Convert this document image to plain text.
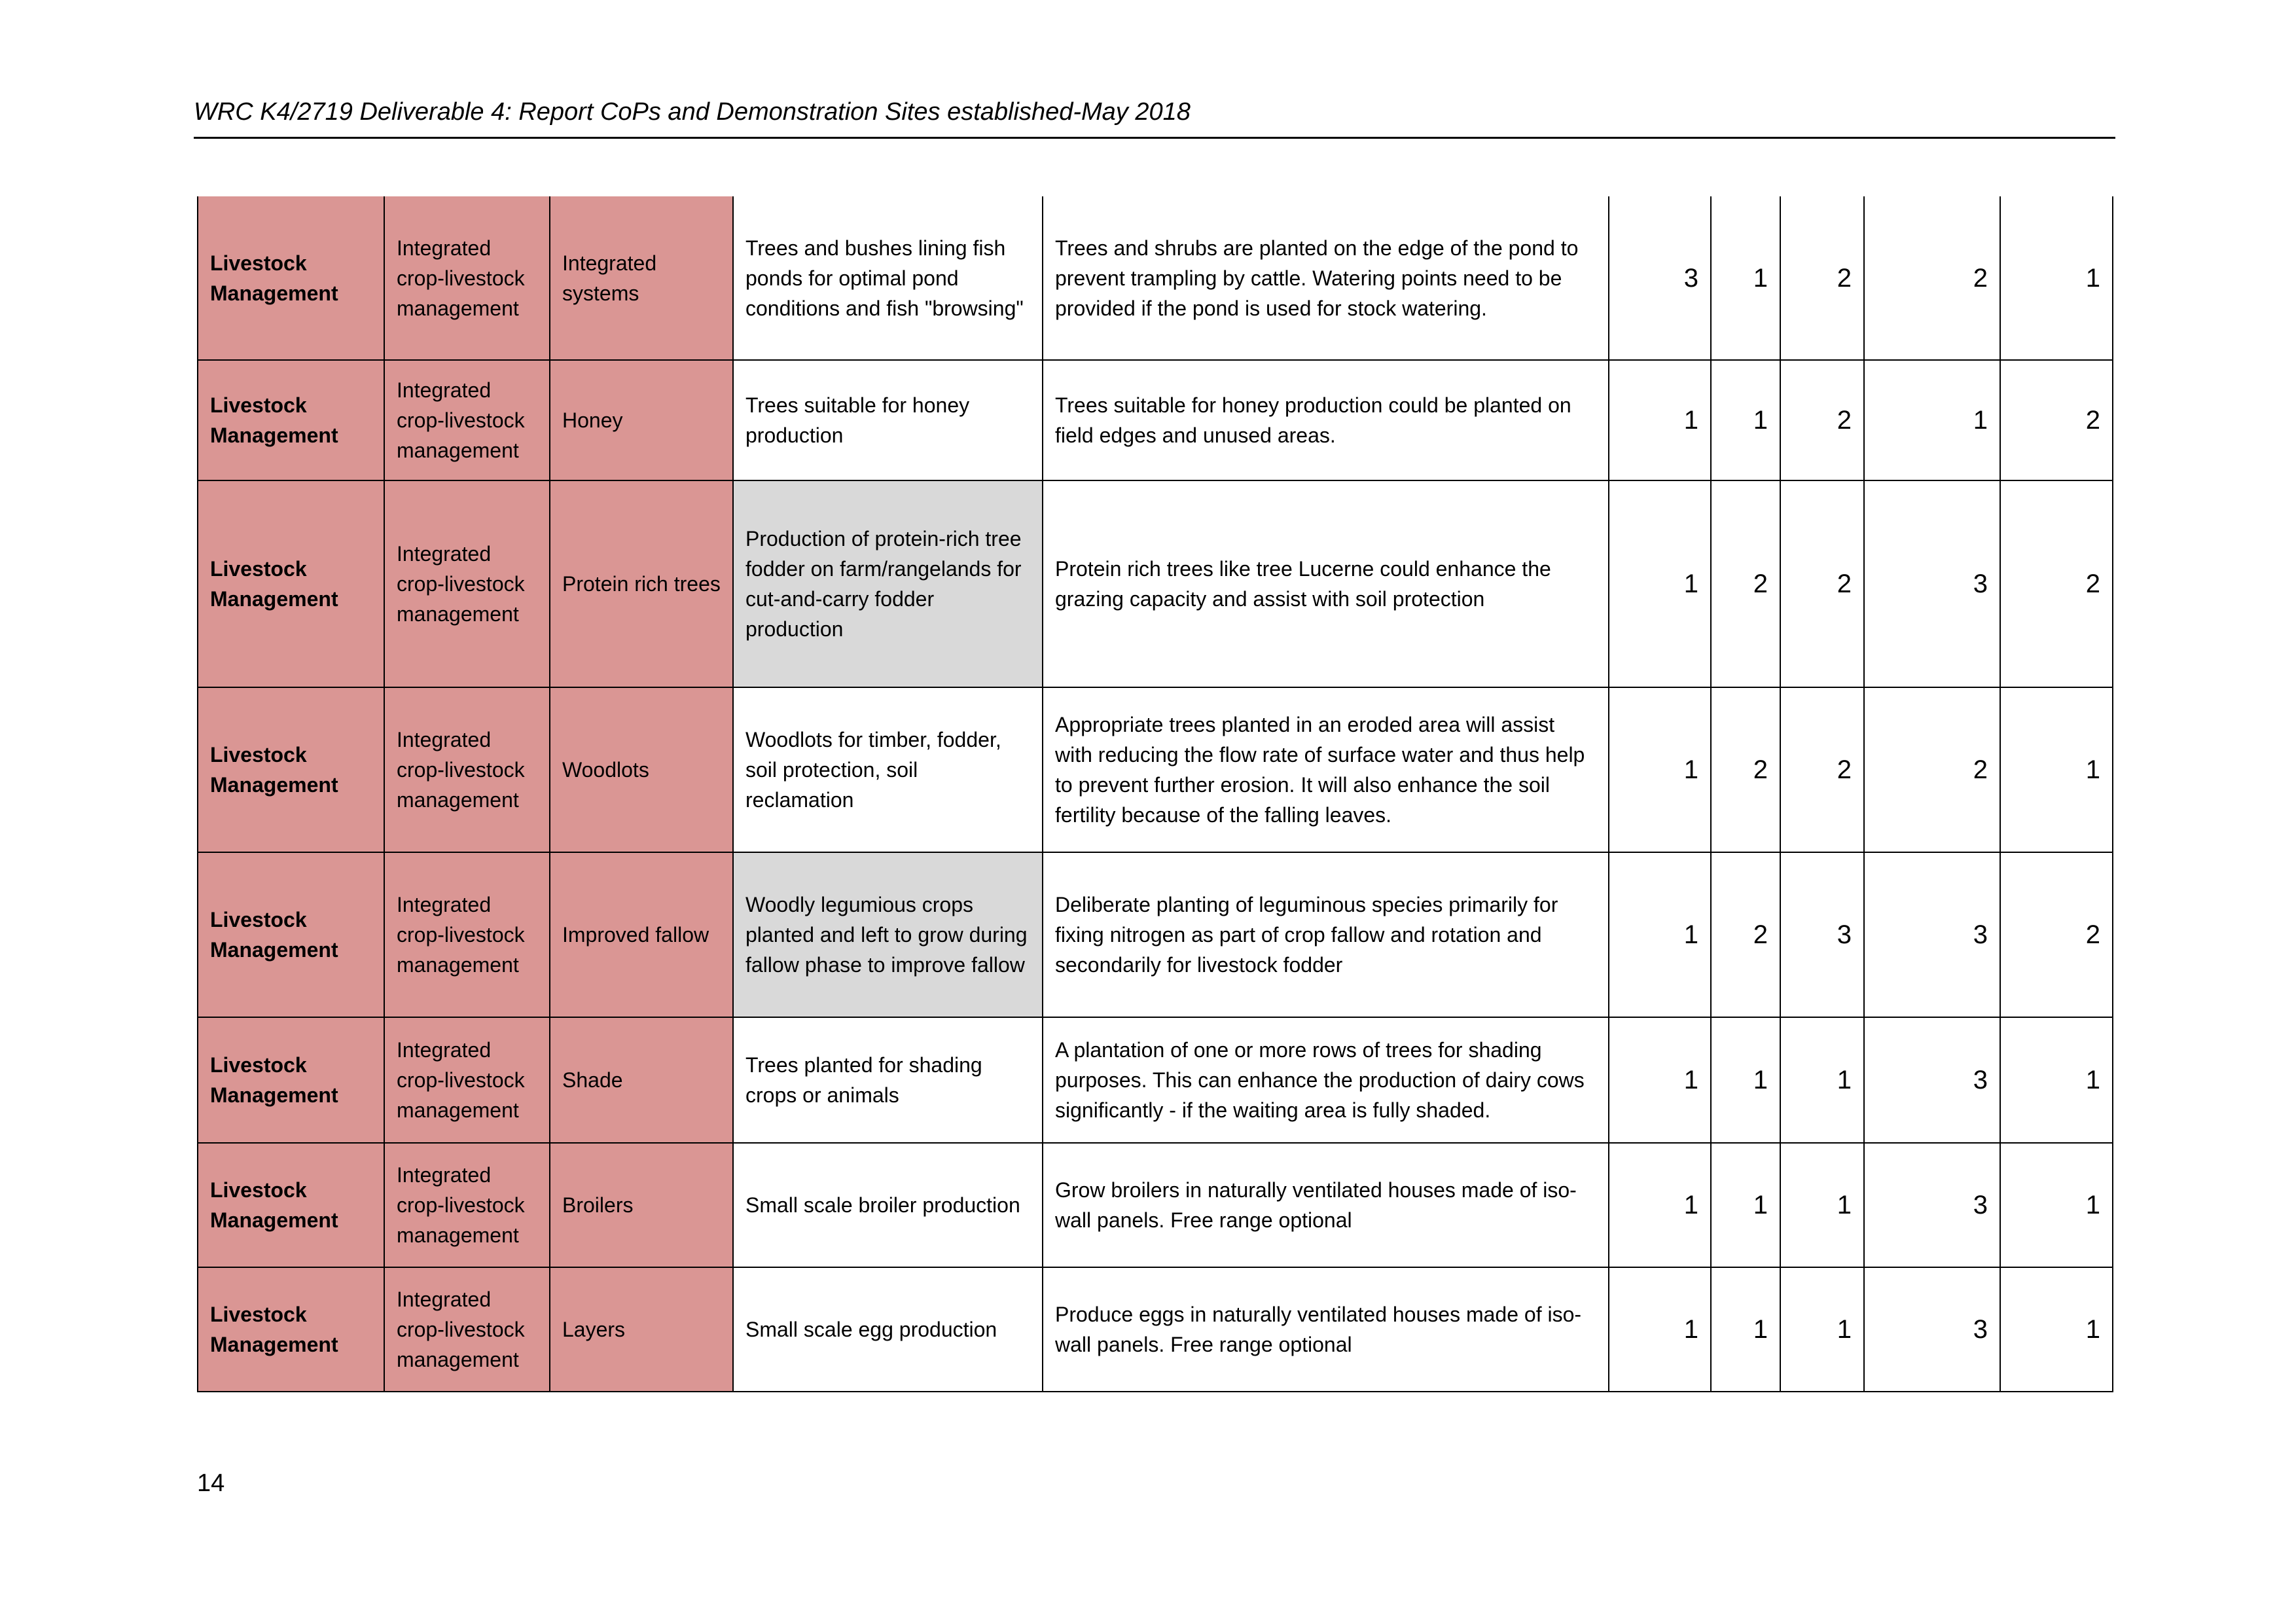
WRC K4/2719 Deliverable 4: Report CoPs and Demonstration Sites established-May 2018
Livestock Management	Integrated crop-livestock management	Integrated systems	Trees and bushes lining fish ponds for optimal pond conditions and fish "browsing"	Trees and shrubs are planted on the edge of the pond to prevent trampling by cattle. Watering points need to be provided if the pond is used for stock watering.	3	1	2	2	1
Livestock Management	Integrated crop-livestock management	Honey	Trees suitable for honey production	Trees suitable for honey production could be planted on field edges and unused areas.	1	1	2	1	2
Livestock Management	Integrated crop-livestock management	Protein rich trees	Production of protein-rich tree fodder on farm/rangelands for cut-and-carry fodder production	Protein rich trees like tree Lucerne could enhance the grazing capacity and assist with soil protection	1	2	2	3	2
Livestock Management	Integrated crop-livestock management	Woodlots	Woodlots for timber, fodder, soil protection, soil reclamation	Appropriate trees planted in an eroded area will assist with reducing the flow rate of surface water and thus help to prevent further erosion. It will also enhance the soil fertility because of the falling leaves.	1	2	2	2	1
Livestock Management	Integrated crop-livestock management	Improved fallow	Woodly legumious crops planted and left to grow during fallow phase to improve fallow	Deliberate planting of leguminous species primarily for fixing nitrogen as part of crop fallow and rotation and secondarily for livestock fodder	1	2	3	3	2
Livestock Management	Integrated crop-livestock management	Shade	Trees planted for shading crops or animals	A plantation of one or more rows of trees for shading purposes. This can enhance the production of dairy cows significantly - if the waiting area is fully shaded.	1	1	1	3	1
Livestock Management	Integrated crop-livestock management	Broilers	Small scale broiler production	Grow broilers in naturally ventilated houses made of iso-wall panels. Free range optional	1	1	1	3	1
Livestock Management	Integrated crop-livestock management	Layers	Small scale egg production	Produce eggs in naturally ventilated houses made of iso-wall panels. Free range optional	1	1	1	3	1
14
